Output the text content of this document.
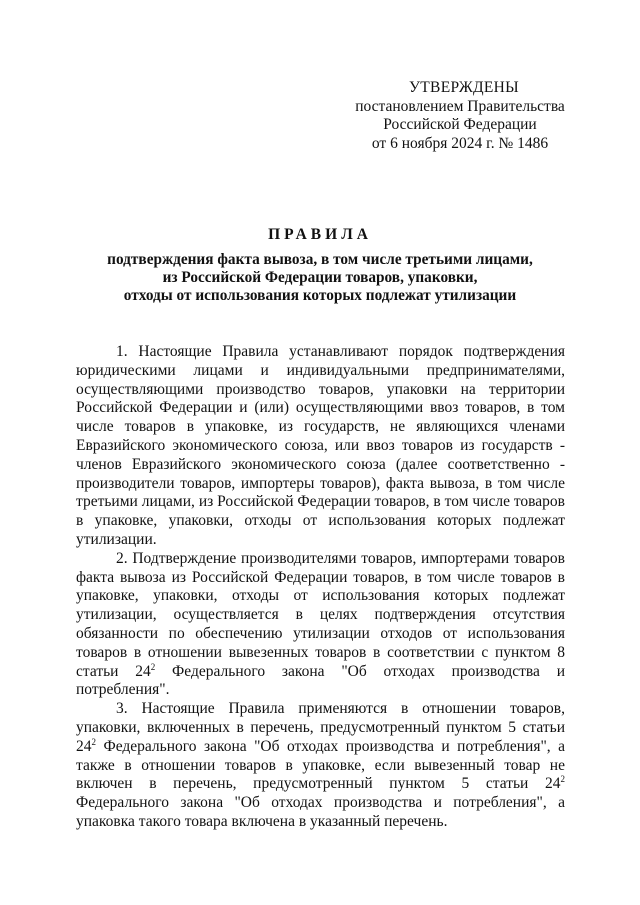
УТВЕРЖДЕНЫ
постановлением Правительства
Российской Федерации
от 6 ноября 2024 г. № 1486
ПРАВИЛА
подтверждения факта вывоза, в том числе третьими лицами,
из Российской Федерации товаров, упаковки,
отходы от использования которых подлежат утилизации

1. Настоящие Правила устанавливают порядок подтверждения юридическими лицами и индивидуальными предпринимателями, осуществляющими производство товаров, упаковки на территории Российской Федерации и (или) осуществляющими ввоз товаров, в том числе товаров в упаковке, из государств, не являющихся членами Евразийского экономического союза, или ввоз товаров из государств - членов Евразийского экономического союза (далее соответственно - производители товаров, импортеры товаров), факта вывоза, в том числе третьими лицами, из Российской Федерации товаров, в том числе товаров в упаковке, упаковки, отходы от использования которых подлежат утилизации.

2. Подтверждение производителями товаров, импортерами товаров факта вывоза из Российской Федерации товаров, в том числе товаров в упаковке, упаковки, отходы от использования которых подлежат утилизации, осуществляется в целях подтверждения отсутствия обязанности по обеспечению утилизации отходов от использования товаров в отношении вывезенных товаров в соответствии с пунктом 8 статьи $24^2$ Федерального закона "Об отходах производства и потребления".

3. Настоящие Правила применяются в отношении товаров, упаковки, включенных в перечень, предусмотренный пунктом 5 статьи $24^2$ Федерального закона "Об отходах производства и потребления", а также в отношении товаров в упаковке, если вывезенный товар не включен в перечень, предусмотренный пунктом 5 статьи $24^2$ Федерального закона "Об отходах производства и потребления", а упаковка такого товара включена в указанный перечень.
